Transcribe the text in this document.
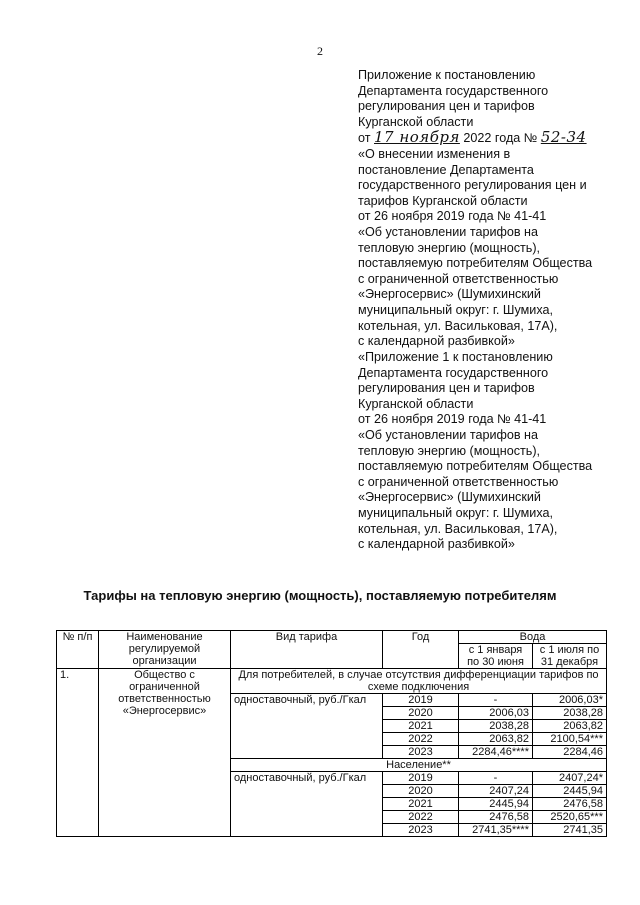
2
Приложение к постановлению
Департамента государственного
регулирования цен и тарифов
Курганской области
от 17 ноября 2022 года № 52-34
«О внесении изменения в
постановление Департамента
государственного регулирования цен и
тарифов Курганской области
от 26 ноября 2019 года № 41-41
«Об установлении тарифов на
тепловую энергию (мощность),
поставляемую потребителям Общества
с ограниченной ответственностью
«Энергосервис» (Шумихинский
муниципальный округ: г. Шумиха,
котельная, ул. Васильковая, 17А),
с календарной разбивкой»
«Приложение 1 к постановлению
Департамента государственного
регулирования цен и тарифов
Курганской области
от 26 ноября 2019 года № 41-41
«Об установлении тарифов на
тепловую энергию (мощность),
поставляемую потребителям Общества
с ограниченной ответственностью
«Энергосервис» (Шумихинский
муниципальный округ: г. Шумиха,
котельная, ул. Васильковая, 17А),
с календарной разбивкой»
Тарифы на тепловую энергию (мощность), поставляемую потребителям
№ п/п	Наименование регулируемой организации	Вид тарифа	Год	Вода	
				с 1 января по 30 июня	с 1 июля по 31 декабря

1.	Общество с ограниченной ответственностью «Энергосервис»	Для потребителей, в случае отсутствия дифференциации тарифов по схеме подключения			
		одноставочный, руб./Гкал	2019	-	2006,03*
			2020	2006,03	2038,28
			2021	2038,28	2063,82
			2022	2063,82	2100,54***
			2023	2284,46****	2284,46
		Население**			
		одноставочный, руб./Гкал	2019	-	2407,24*
			2020	2407,24	2445,94
			2021	2445,94	2476,58
			2022	2476,58	2520,65***
			2023	2741,35****	2741,35
